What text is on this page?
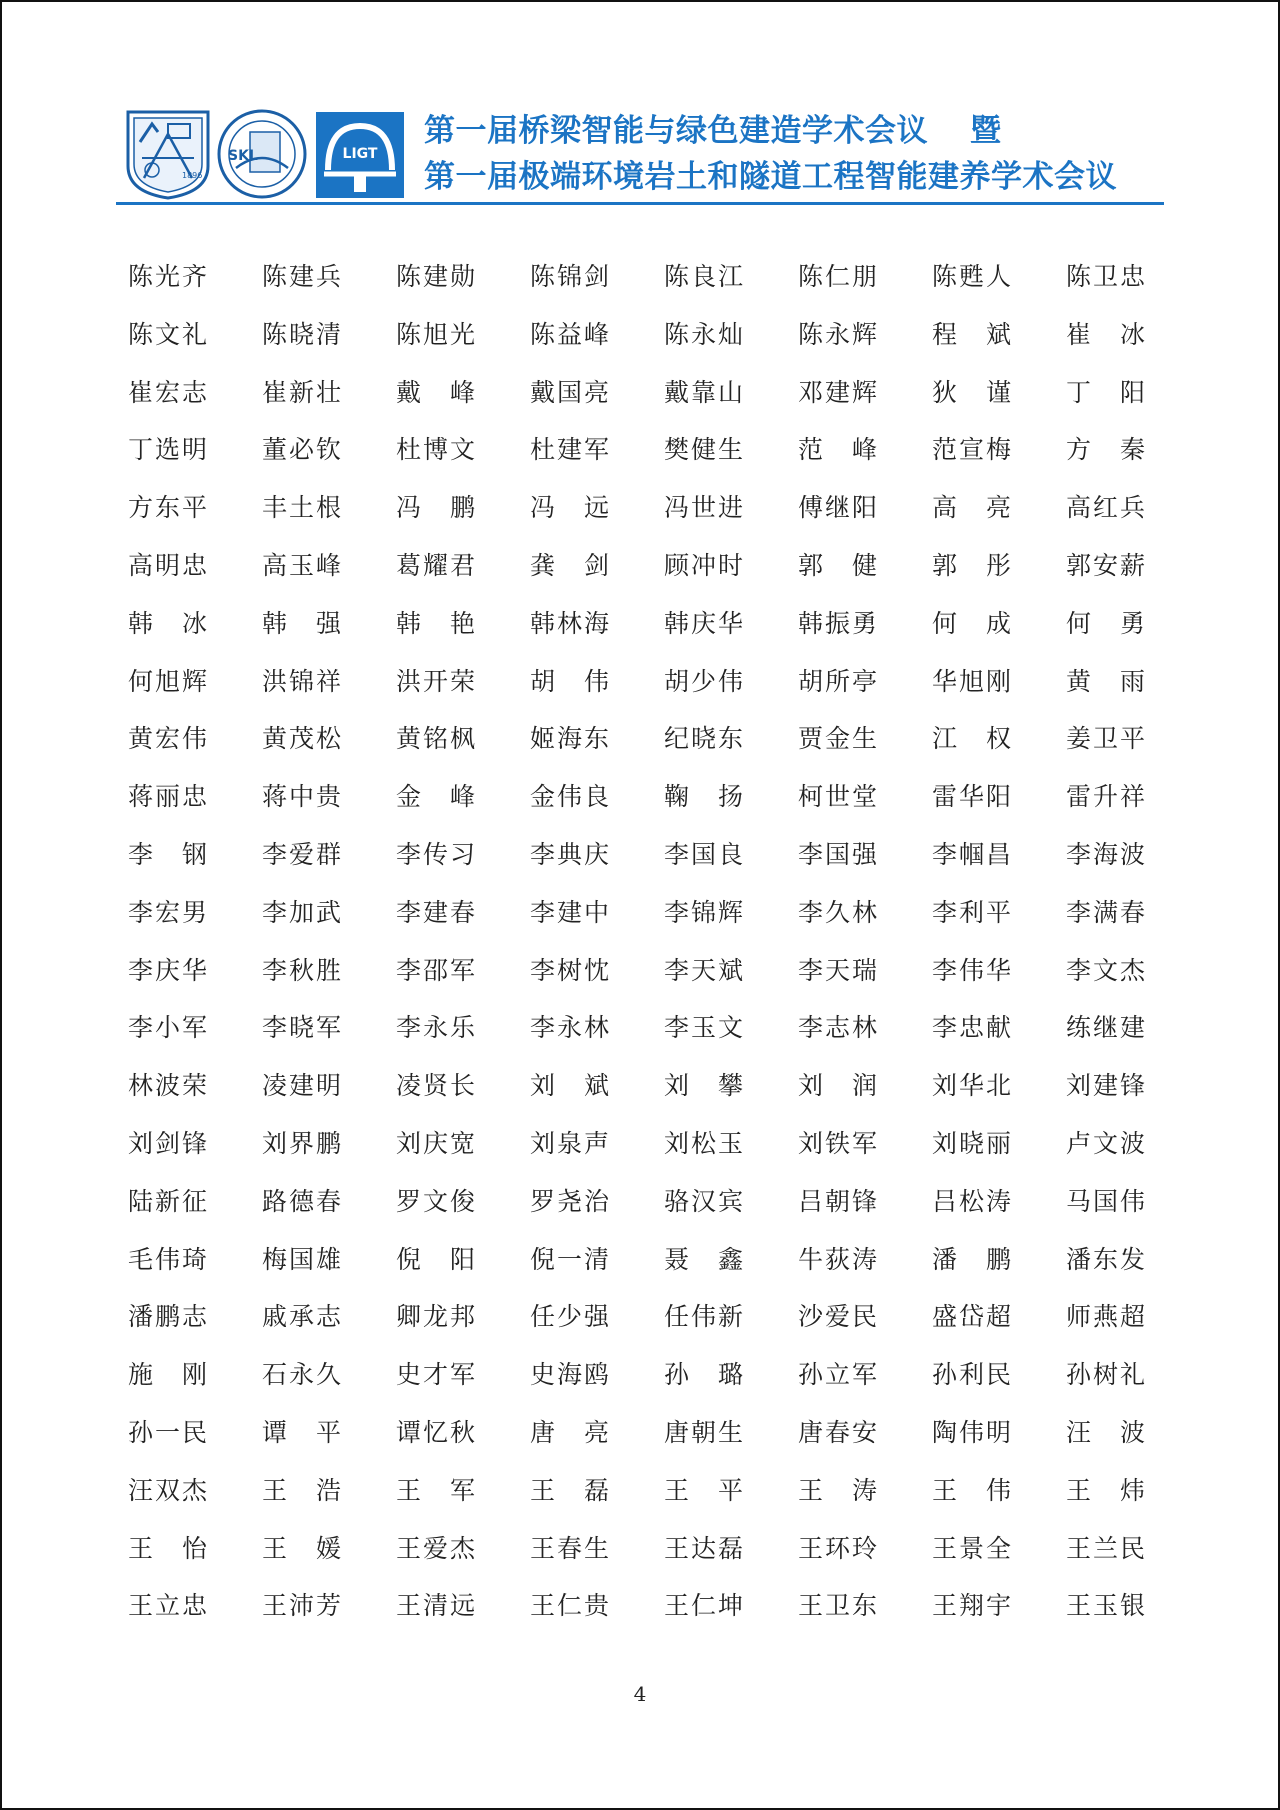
1896
SKL	LIGT
第一届桥梁智能与绿色建造学术会议 暨
第一届极端环境岩土和隧道工程智能建养学术会议
陈光齐	陈建兵	陈建勋	陈锦剑	陈良江	陈仁朋	陈甦人	陈卫忠
陈文礼	陈晓清	陈旭光	陈益峰	陈永灿	陈永辉	程　斌	崔　冰
崔宏志	崔新壮	戴　峰	戴国亮	戴靠山	邓建辉	狄　谨	丁　阳
丁选明	董必钦	杜博文	杜建军	樊健生	范　峰	范宣梅	方　秦
方东平	丰土根	冯　鹏	冯　远	冯世进	傅继阳	高　亮	高红兵
高明忠	高玉峰	葛耀君	龚　剑	顾冲时	郭　健	郭　彤	郭安薪
韩　冰	韩　强	韩　艳	韩林海	韩庆华	韩振勇	何　成	何　勇
何旭辉	洪锦祥	洪开荣	胡　伟	胡少伟	胡所亭	华旭刚	黄　雨
黄宏伟	黄茂松	黄铭枫	姬海东	纪晓东	贾金生	江　权	姜卫平
蒋丽忠	蒋中贵	金　峰	金伟良	鞠　扬	柯世堂	雷华阳	雷升祥
李　钢	李爱群	李传习	李典庆	李国良	李国强	李帼昌	李海波
李宏男	李加武	李建春	李建中	李锦辉	李久林	李利平	李满春
李庆华	李秋胜	李邵军	李树忱	李天斌	李天瑞	李伟华	李文杰
李小军	李晓军	李永乐	李永林	李玉文	李志林	李忠献	练继建
林波荣	凌建明	凌贤长	刘　斌	刘　攀	刘　润	刘华北	刘建锋
刘剑锋	刘界鹏	刘庆宽	刘泉声	刘松玉	刘铁军	刘晓丽	卢文波
陆新征	路德春	罗文俊	罗尧治	骆汉宾	吕朝锋	吕松涛	马国伟
毛伟琦	梅国雄	倪　阳	倪一清	聂　鑫	牛荻涛	潘　鹏	潘东发
潘鹏志	戚承志	卿龙邦	任少强	任伟新	沙爱民	盛岱超	师燕超
施　刚	石永久	史才军	史海鸥	孙　璐	孙立军	孙利民	孙树礼
孙一民	谭　平	谭忆秋	唐　亮	唐朝生	唐春安	陶伟明	汪　波
汪双杰	王　浩	王　军	王　磊	王　平	王　涛	王　伟	王　炜
王　怡	王　媛	王爱杰	王春生	王达磊	王环玲	王景全	王兰民
王立忠	王沛芳	王清远	王仁贵	王仁坤	王卫东	王翔宇	王玉银
4
